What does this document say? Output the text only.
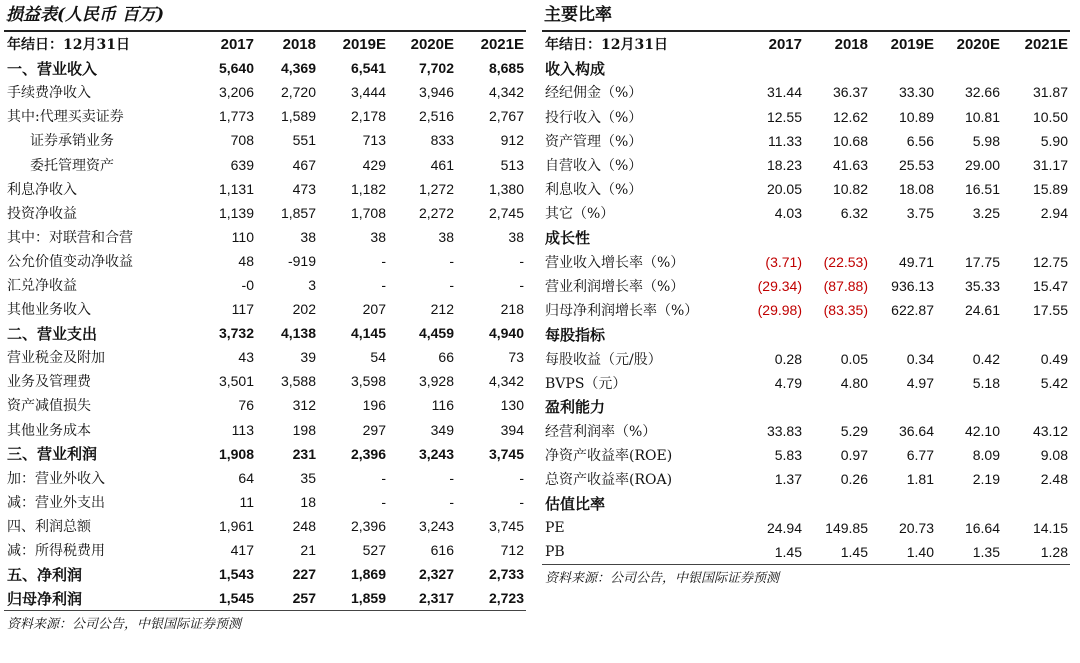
损益表(人民币 百万)
年结日：12月31日	2017	2018	2019E	2020E	2021E
一、营业收入	5,640	4,369	6,541	7,702	8,685
手续费净收入	3,206	2,720	3,444	3,946	4,342
其中:代理买卖证券	1,773	1,589	2,178	2,516	2,767
证券承销业务	708	551	713	833	912
委托管理资产	639	467	429	461	513
利息净收入	1,131	473	1,182	1,272	1,380
投资净收益	1,139	1,857	1,708	2,272	2,745
其中：对联营和合营	110	38	38	38	38
公允价值变动净收益	48	-919	-	-	-
汇兑净收益	-0	3	-	-	-
其他业务收入	117	202	207	212	218
二、营业支出	3,732	4,138	4,145	4,459	4,940
营业税金及附加	43	39	54	66	73
业务及管理费	3,501	3,588	3,598	3,928	4,342
资产减值损失	76	312	196	116	130
其他业务成本	113	198	297	349	394
三、营业利润	1,908	231	2,396	3,243	3,745
加：营业外收入	64	35	-	-	-
减：营业外支出	11	18	-	-	-
四、利润总额	1,961	248	2,396	3,243	3,745
减：所得税费用	417	21	527	616	712
五、净利润	1,543	227	1,869	2,327	2,733
归母净利润	1,545	257	1,859	2,317	2,723
资料来源：公司公告，中银国际证券预测
主要比率
年结日：12月31日	2017	2018	2019E	2020E	2021E
收入构成					
经纪佣金（%）	31.44	36.37	33.30	32.66	31.87
投行收入（%）	12.55	12.62	10.89	10.81	10.50
资产管理（%）	11.33	10.68	6.56	5.98	5.90
自营收入（%）	18.23	41.63	25.53	29.00	31.17
利息收入（%）	20.05	10.82	18.08	16.51	15.89
其它（%）	4.03	6.32	3.75	3.25	2.94
成长性					
营业收入增长率（%）	(3.71)	(22.53)	49.71	17.75	12.75
营业利润增长率（%）	(29.34)	(87.88)	936.13	35.33	15.47
归母净利润增长率（%）	(29.98)	(83.35)	622.87	24.61	17.55
每股指标					
每股收益（元/股）	0.28	0.05	0.34	0.42	0.49
BVPS（元）	4.79	4.80	4.97	5.18	5.42
盈利能力					
经营利润率（%）	33.83	5.29	36.64	42.10	43.12
净资产收益率(ROE)	5.83	0.97	6.77	8.09	9.08
总资产收益率(ROA)	1.37	0.26	1.81	2.19	2.48
估值比率					
PE	24.94	149.85	20.73	16.64	14.15
PB	1.45	1.45	1.40	1.35	1.28
资料来源：公司公告，中银国际证券预测
